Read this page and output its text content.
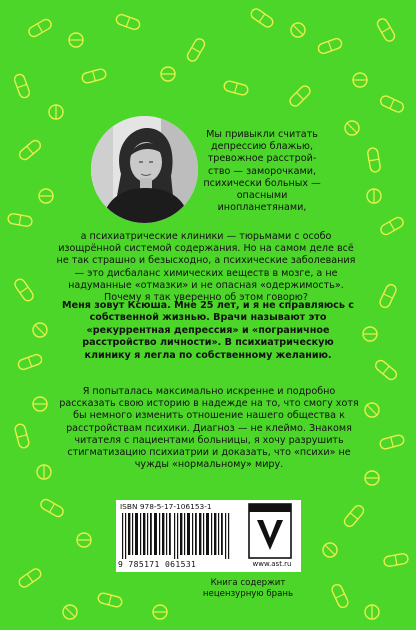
Мы привыкли считать депрессию блажью, тревожное расстройство — заморочками, психически больных — опасными инопланетянами,
а психиатрические клиники — тюрьмами с особо изощрённой системой содержания. Но на самом деле всё не так страшно и безысходно, а психические заболевания — это дисбаланс химических веществ в мозге, а не надуманные «отмазки» и не опасная «одержимость». Почему я так уверенно об этом говорю?
Меня зовут Ксюша. Мне 25 лет, и я не справляюсь с собственной жизнью. Врачи называют это «рекуррентная депрессия» и «пограничное расстройство личности». В психиатрическую клинику я легла по собственному желанию.
Я попыталась максимально искренне и подробно рассказать свою историю в надежде на то, что смогу хотя бы немного изменить отношение нашего общества к расстройствам психики. Диагноз — не клеймо. Знакомя читателя с пациентами больницы, я хочу разрушить стигматизацию психиатрии и доказать, что «психи» не чужды «нормальному» миру.
ISBN 978-5-17-106153-1
9 785171 061531	www.ast.ru
Книга содержит нецензурную брань
